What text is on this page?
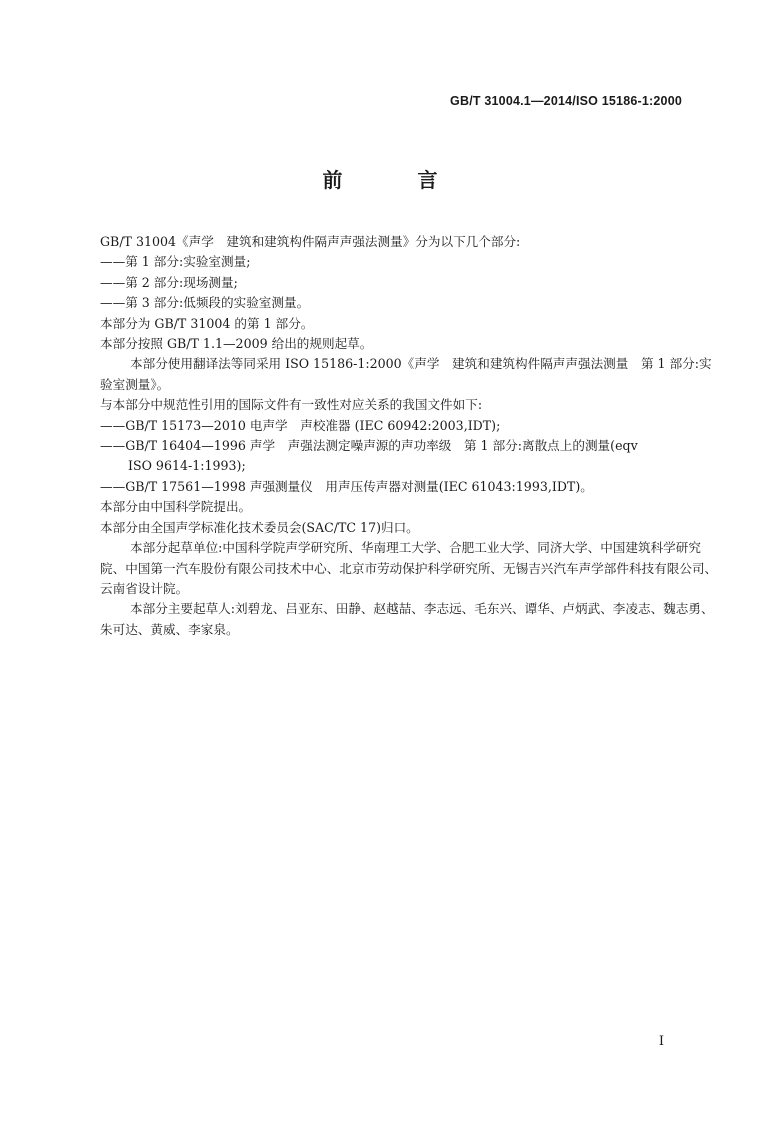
GB/T 31004.1—2014/ISO 15186-1:2000
前 言

GB/T 31004《声学　建筑和建筑构件隔声声强法测量》分为以下几个部分:

——第 1 部分:实验室测量;

——第 2 部分:现场测量;

——第 3 部分:低频段的实验室测量。

本部分为 GB/T 31004 的第 1 部分。

本部分按照 GB/T 1.1—2009 给出的规则起草。

本部分使用翻译法等同采用 ISO 15186-1:2000《声学　建筑和建筑构件隔声声强法测量　第 1 部分:实验室测量》。

与本部分中规范性引用的国际文件有一致性对应关系的我国文件如下:

——GB/T 15173—2010 电声学　声校准器 (IEC 60942:2003,IDT);

——GB/T 16404—1996 声学　声强法测定噪声源的声功率级　第 1 部分:离散点上的测量(eqv

ISO 9614-1:1993);

——GB/T 17561—1998 声强测量仪　用声压传声器对测量(IEC 61043:1993,IDT)。

本部分由中国科学院提出。

本部分由全国声学标准化技术委员会(SAC/TC 17)归口。

本部分起草单位:中国科学院声学研究所、华南理工大学、合肥工业大学、同济大学、中国建筑科学研究院、中国第一汽车股份有限公司技术中心、北京市劳动保护科学研究所、无锡吉兴汽车声学部件科技有限公司、云南省设计院。

本部分主要起草人:刘碧龙、吕亚东、田静、赵越喆、李志远、毛东兴、谭华、卢炳武、李凌志、魏志勇、朱可达、黄威、李家泉。

I
